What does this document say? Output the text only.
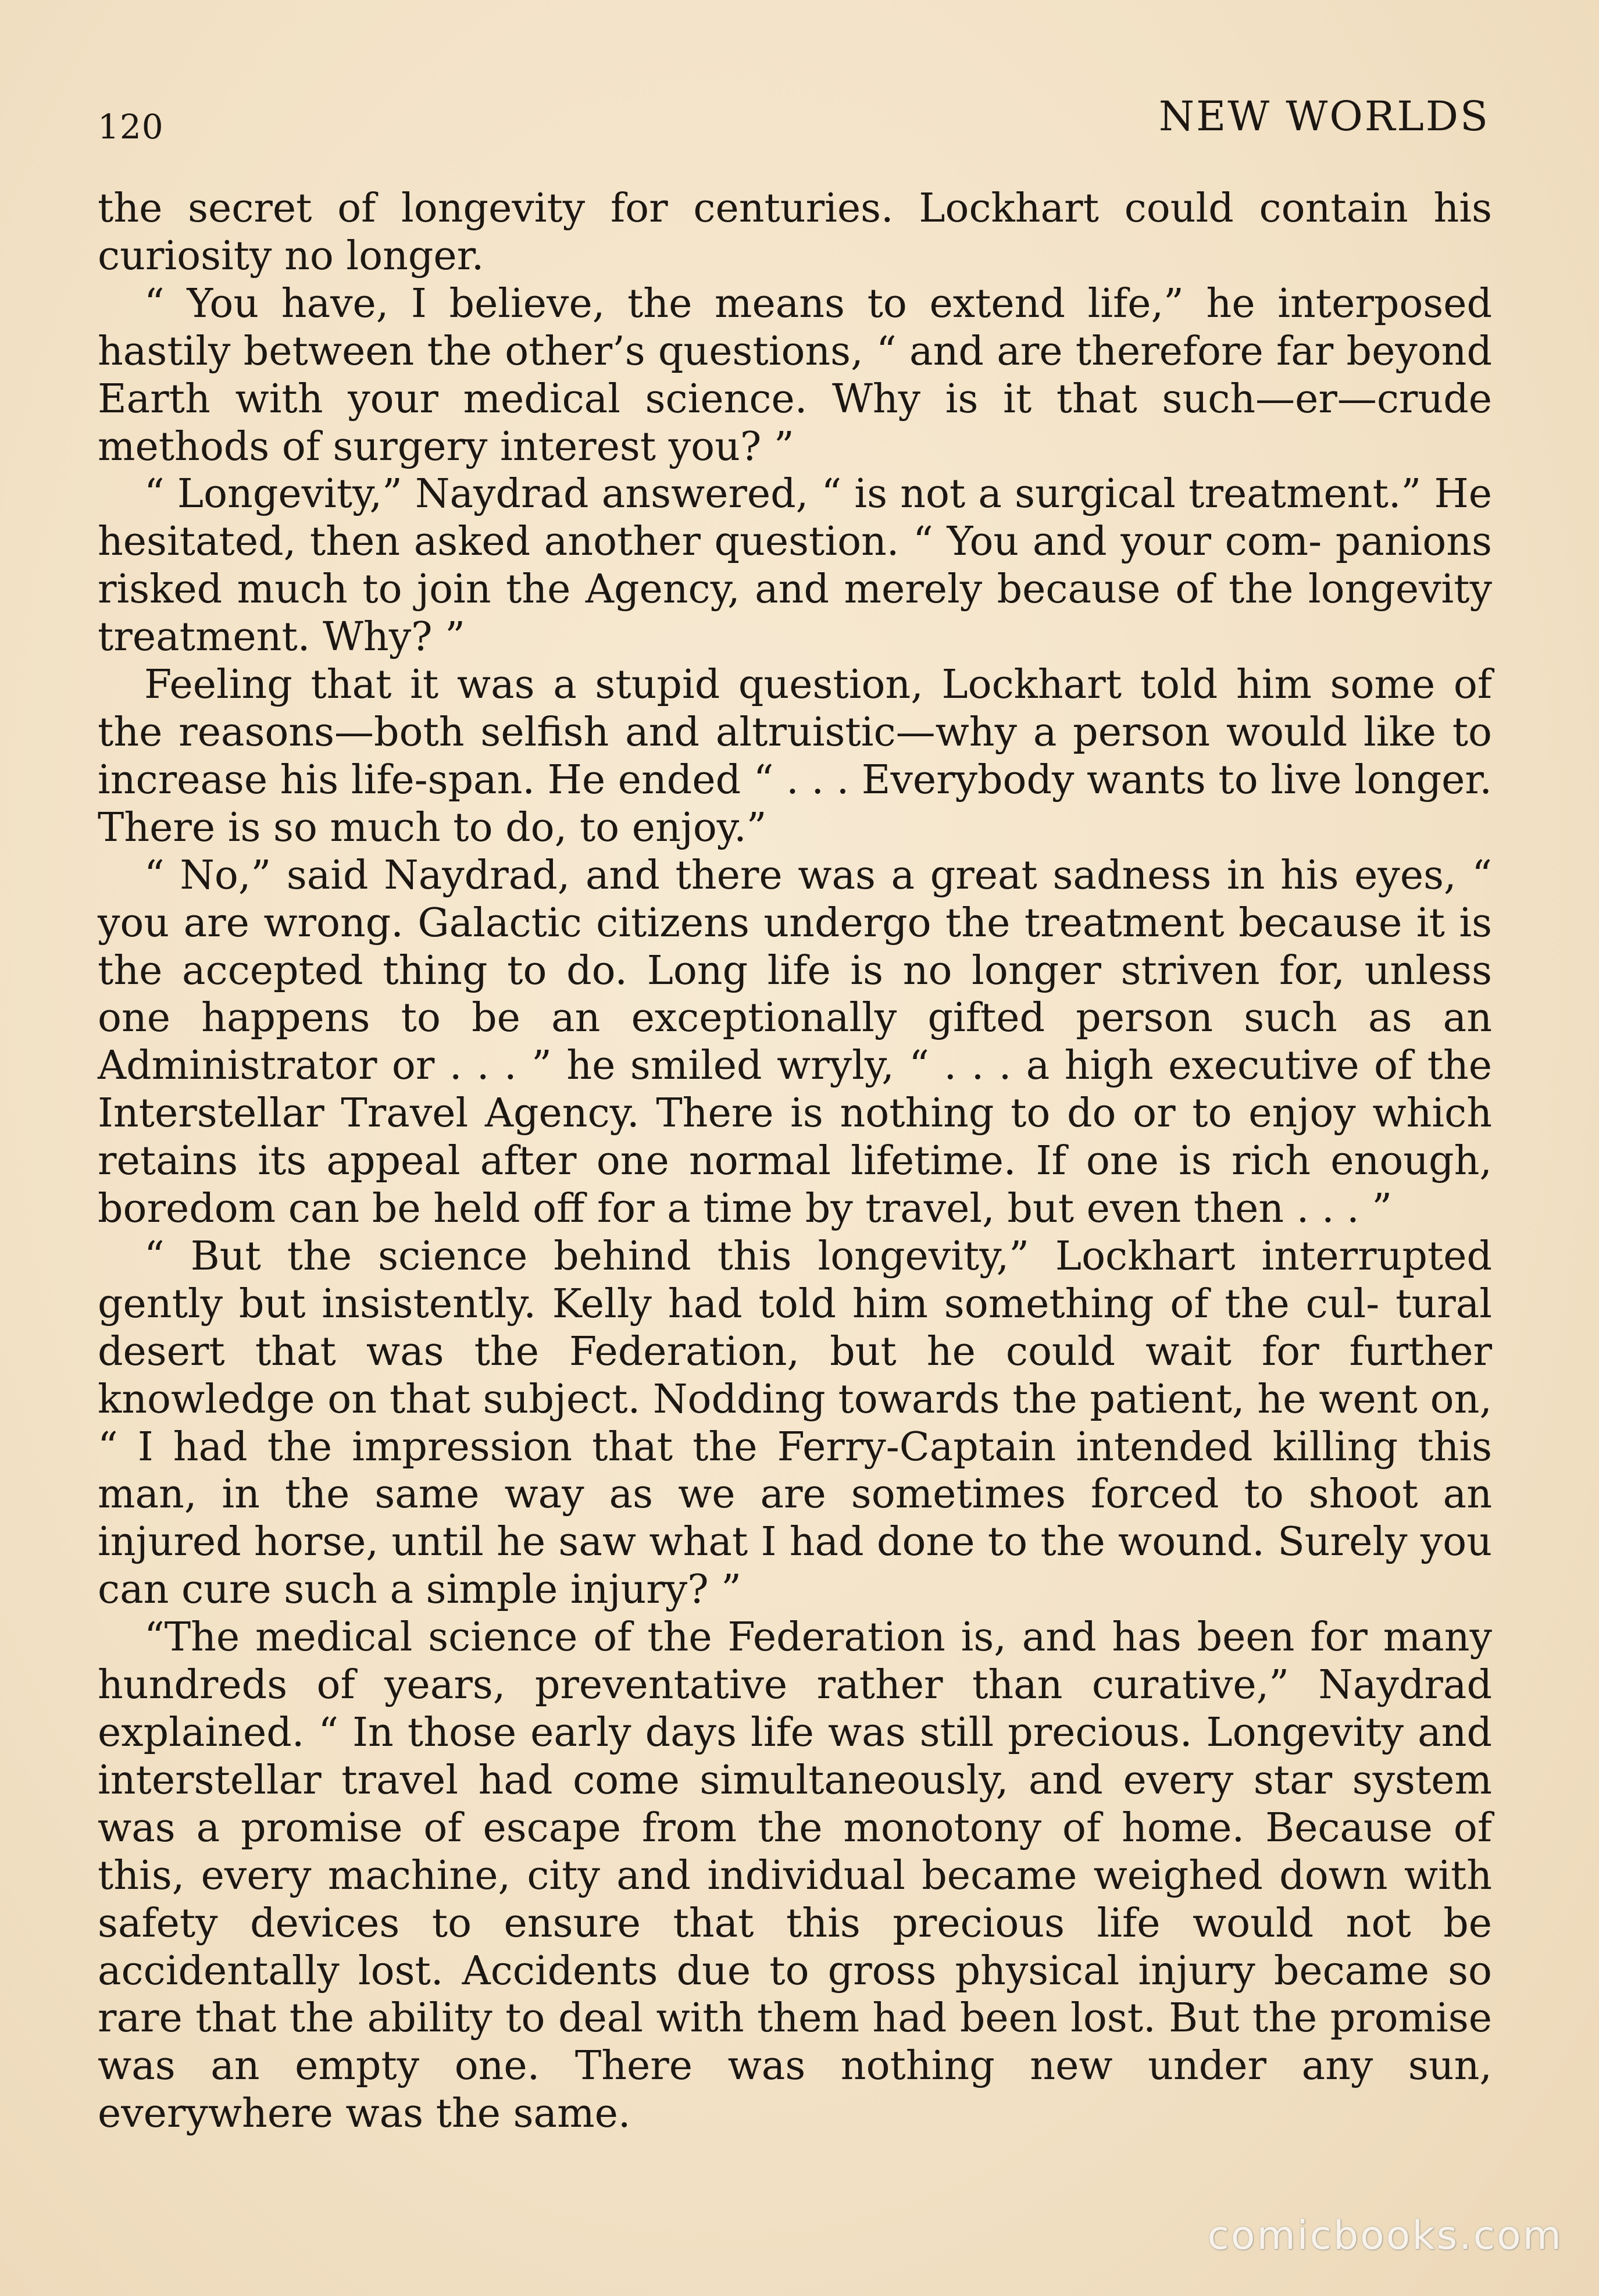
120	NEW WORLDS

the secret of longevity for centuries. Lockhart could contain his curiosity no longer.

“ You have, I believe, the means to extend life,” he interposed hastily between the other’s questions, “ and are therefore far beyond Earth with your medical science. Why is it that such—er—crude methods of surgery interest you? ”

“ Longevity,” Naydrad answered, “ is not a surgical treatment.” He hesitated, then asked another question. “ You and your com- panions risked much to join the Agency, and merely because of the longevity treatment. Why? ”

Feeling that it was a stupid question, Lockhart told him some of the reasons—both selfish and altruistic—why a person would like to increase his life-span. He ended “ . . . Everybody wants to live longer. There is so much to do, to enjoy.”

“ No,” said Naydrad, and there was a great sadness in his eyes, “ you are wrong. Galactic citizens undergo the treatment because it is the accepted thing to do. Long life is no longer striven for, unless one happens to be an exceptionally gifted person such as an Administrator or . . . ” he smiled wryly, “ . . . a high executive of the Interstellar Travel Agency. There is nothing to do or to enjoy which retains its appeal after one normal lifetime. If one is rich enough, boredom can be held off for a time by travel, but even then . . . ”

“ But the science behind this longevity,” Lockhart interrupted gently but insistently. Kelly had told him something of the cul- tural desert that was the Federation, but he could wait for further knowledge on that subject. Nodding towards the patient, he went on, “ I had the impression that the Ferry-Captain intended killing this man, in the same way as we are sometimes forced to shoot an injured horse, until he saw what I had done to the wound. Surely you can cure such a simple injury? ”

“The medical science of the Federation is, and has been for many hundreds of years, preventative rather than curative,” Naydrad explained. “ In those early days life was still precious. Longevity and interstellar travel had come simultaneously, and every star system was a promise of escape from the monotony of home. Because of this, every machine, city and individual became weighed down with safety devices to ensure that this precious life would not be accidentally lost. Accidents due to gross physical injury became so rare that the ability to deal with them had been lost. But the promise was an empty one. There was nothing new under any sun, everywhere was the same.

comicbooks.com
